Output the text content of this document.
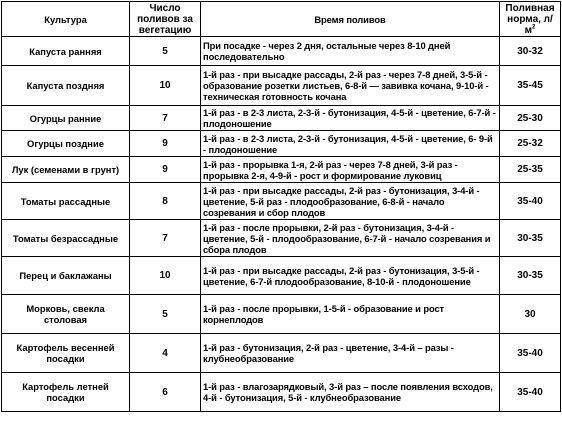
Культура	Число поливов за вегетацию	Время поливов	Поливная норма, $л/м^2$
Капуста ранняя	5	При посадке - через 2 дня, остальные через 8-10 дней последовательно	30-32
Капуста поздняя	10	1-й раз - при высадке рассады, 2-й раз - через 7-8 дней, 3-5-й - образование розетки листьев, 6-8-й — завивка кочана, 9-10-й - техническая готовность кочана	35-45
Огурцы ранние	7	1-й раз - в 2-3 листа, 2-3-й - бутонизация, 4-5-й - цветение, 6-7-й - плодоношение	25-30
Огурцы поздние	9	1-й раз - в 2-3 листа, 2-3-й - бутонизация, 4-5-й - цветение, 6- 9-й - плодоношение	25-32
Лук (семенами в грунт)	9	1-й раз - прорывка 1-я, 2-й раз - через 7-8 дней, 3-й раз - прорывка 2-я, 4-9-й - рост и формирование луковиц	25-35
Томаты рассадные	8	1-й раз - при высадке рассады, 2-й раз - бутонизация, 3-4-й - цветение, 5-й раз - плодообразование, 6-8-й - начало созревания и сбор плодов	35-40
Томаты безрассадные	7	1-й раз - после прорывки, 2-й раз - бутонизация, 3-4-й - цветение, 5-й - плодообразование, 6-7-й - начало созревания и сбора плодов	30-35
Перец и баклажаны	10	1-й раз - при высадке рассады, 2-й раз - бутонизация, 3-5-й - цветение, 6-7-й плодообразование, 8-10-й - плодоношение	30-35
Морковь, свекла столовая	5	1-й раз - после прорывки, 1-5-й - образование и рост корнеплодов	30
Картофель весенней посадки	4	1-й раз - бутонизация, 2-й раз - цветение, 3-4-й – разы - клубнеобразование	35-40
Картофель летней посадки	6	1-й раз - влагозарядковый, 3-й раз – после появления всходов, 4-й - бутонизация, 5-й - клубнеобразование	35-40
